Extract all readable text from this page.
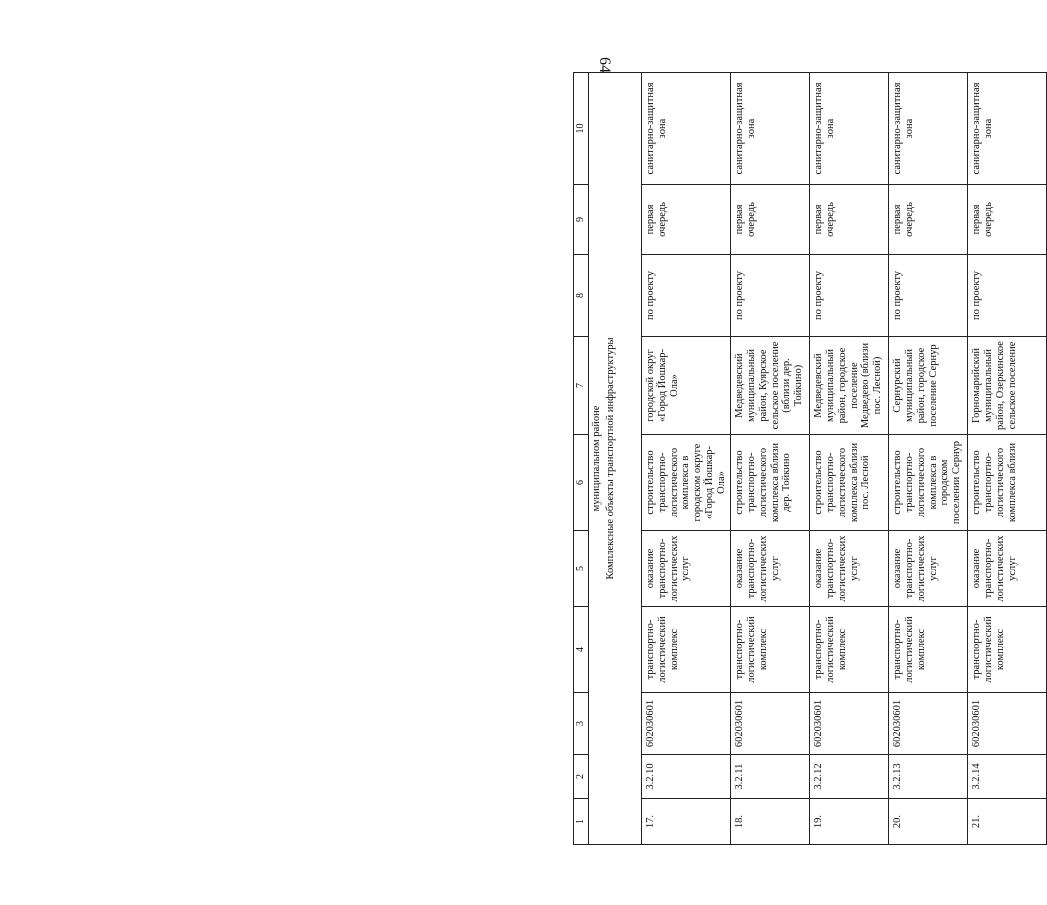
64
1	2	3	4	5	6	7	8	9	10

муниципальном районе Комплексные объекты транспортной инфраструктуры									

17.	3.2.10	602030601	транспортно-логистический комплекс	оказание транспортно-логистических услуг	строительство транспортно-логистического комплекса в городском округе «Город Йошкар-Ола»	городской округ «Город Йошкар-Ола»	по проекту	первая очередь	санитарно-защитная зона
18.	3.2.11	602030601	транспортно-логистический комплекс	оказание транспортно-логистических услуг	строительство транспортно-логистического комплекса вблизи дер. Тойкино	Медведевский муниципальный район, Куярское сельское поселение (вблизи дер. Тойкино)	по проекту	первая очередь	санитарно-защитная зона
19.	3.2.12	602030601	транспортно-логистический комплекс	оказание транспортно-логистических услуг	строительство транспортно-логистического комплекса вблизи пос. Лесной	Медведевский муниципальный район, городское поселение Медведево (вблизи пос. Лесной)	по проекту	первая очередь	санитарно-защитная зона
20.	3.2.13	602030601	транспортно-логистический комплекс	оказание транспортно-логистических услуг	строительство транспортно-логистического комплекса в городском поселении Сернур	Сернурский муниципальный район, городское поселение Сернур	по проекту	первая очередь	санитарно-защитная зона
21.	3.2.14	602030601	транспортно-логистический комплекс	оказание транспортно-логистических услуг	строительство транспортно-логистического комплекса вблизи	Горномарийский муниципальный район, Озеркинское сельское поселение	по проекту	первая очередь	санитарно-защитная зона
